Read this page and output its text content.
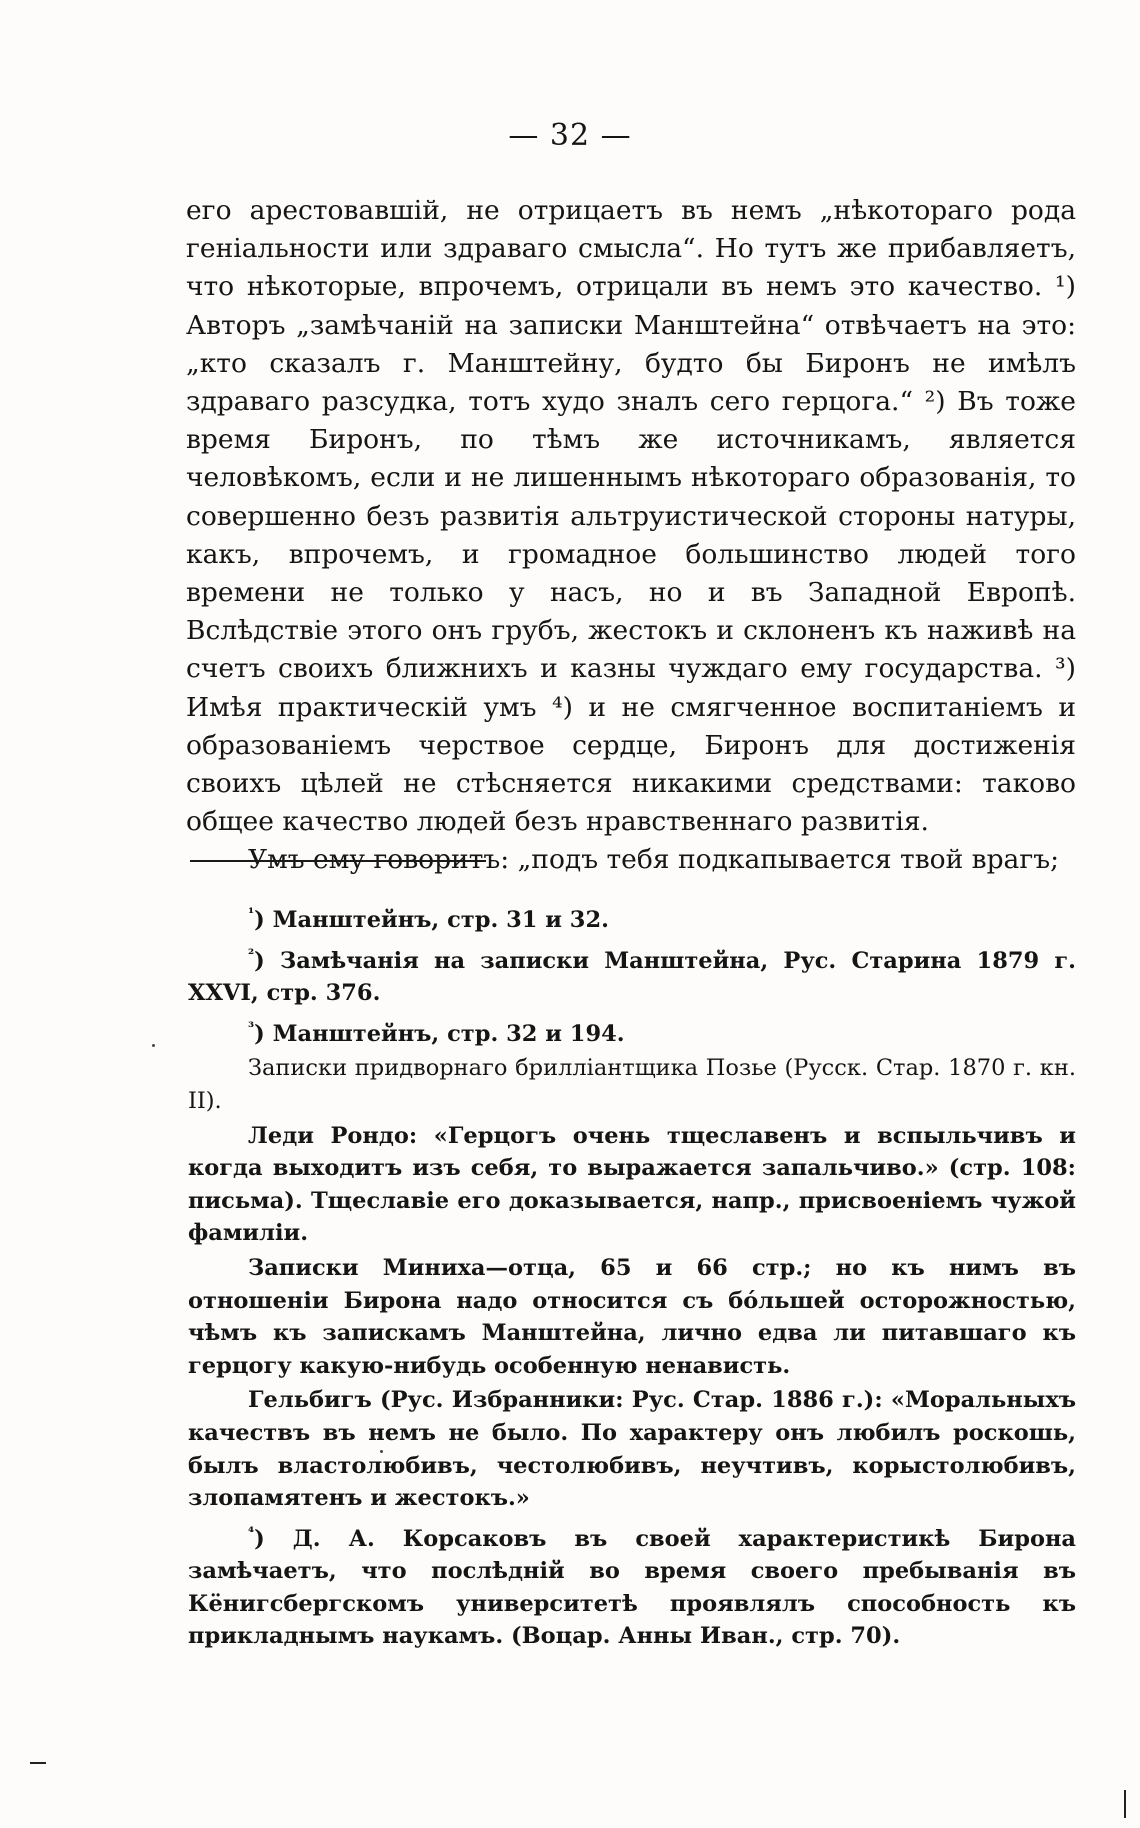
— 32 —

его арестовавшій, не отрицаетъ въ немъ „нѣкотораго рода геніальности или здраваго смысла“. Но тутъ же прибавляетъ, что нѣкоторые, впрочемъ, отрицали въ немъ это качество. ¹) Авторъ „замѣчаній на записки Манштейна“ отвѣчаетъ на это: „кто сказалъ г. Манштейну, будто бы Биронъ не имѣлъ здраваго разсудка, тотъ худо зналъ сего герцога.“ ²) Въ тоже время Биронъ, по тѣмъ же источникамъ, является человѣкомъ, если и не лишеннымъ нѣкотораго образованія, то совершенно безъ развитія альтруистической стороны натуры, какъ, впрочемъ, и громадное большинство людей того времени не только у насъ, но и въ Западной Европѣ. Вслѣдствіе этого онъ грубъ, жестокъ и склоненъ къ наживѣ на счетъ своихъ ближнихъ и казны чуждаго ему государства. ³) Имѣя практическій умъ ⁴) и не смягченное воспитаніемъ и образованіемъ черствое сердце, Биронъ для достиженія своихъ цѣлей не стѣсняется никакими средствами: таково общее качество людей безъ нравственнаго развитія.

Умъ ему говоритъ: „подъ тебя подкапывается твой врагъ;

$^{^1}$) Манштейнъ, стр. 31 и 32.

$^{^2}$) Замѣчанія на записки Манштейна, Рус. Старина 1879 г. XXVI, стр. 376.

$^{^3}$) Манштейнъ, стр. 32 и 194.

Записки придворнаго бриллiантщика Позье (Русск. Стар. 1870 г. кн. II).

Леди Рондо: «Герцогъ очень тщеславенъ и вспыльчивъ и когда выходитъ изъ себя, то выражается запальчиво.» (стр. 108: письма). Тщеславіе его доказывается, напр., присвоеніемъ чужой фамиліи.

Записки Миниха—отца, 65 и 66 стр.; но къ нимъ въ отношеніи Бирона надо относится съ бóльшей осторожностью, чѣмъ къ запискамъ Манштейна, лично едва ли питавшаго къ герцогу какую-нибудь особенную ненависть.

Гельбигъ (Рус. Избранники: Рус. Стар. 1886 г.): «Моральныхъ качествъ въ немъ не было. По характеру онъ любилъ роскошь, былъ властолюбивъ, честолюбивъ, неучтивъ, корыстолюбивъ, злопамятенъ и жестокъ.»

$^{^4}$) Д. А. Корсаковъ въ своей характеристикѣ Бирона замѣчаетъ, что послѣдній во время своего пребыванія въ Кёнигсбергскомъ университетѣ проявлялъ способность къ прикладнымъ наукамъ. (Воцар. Анны Иван., стр. 70).
